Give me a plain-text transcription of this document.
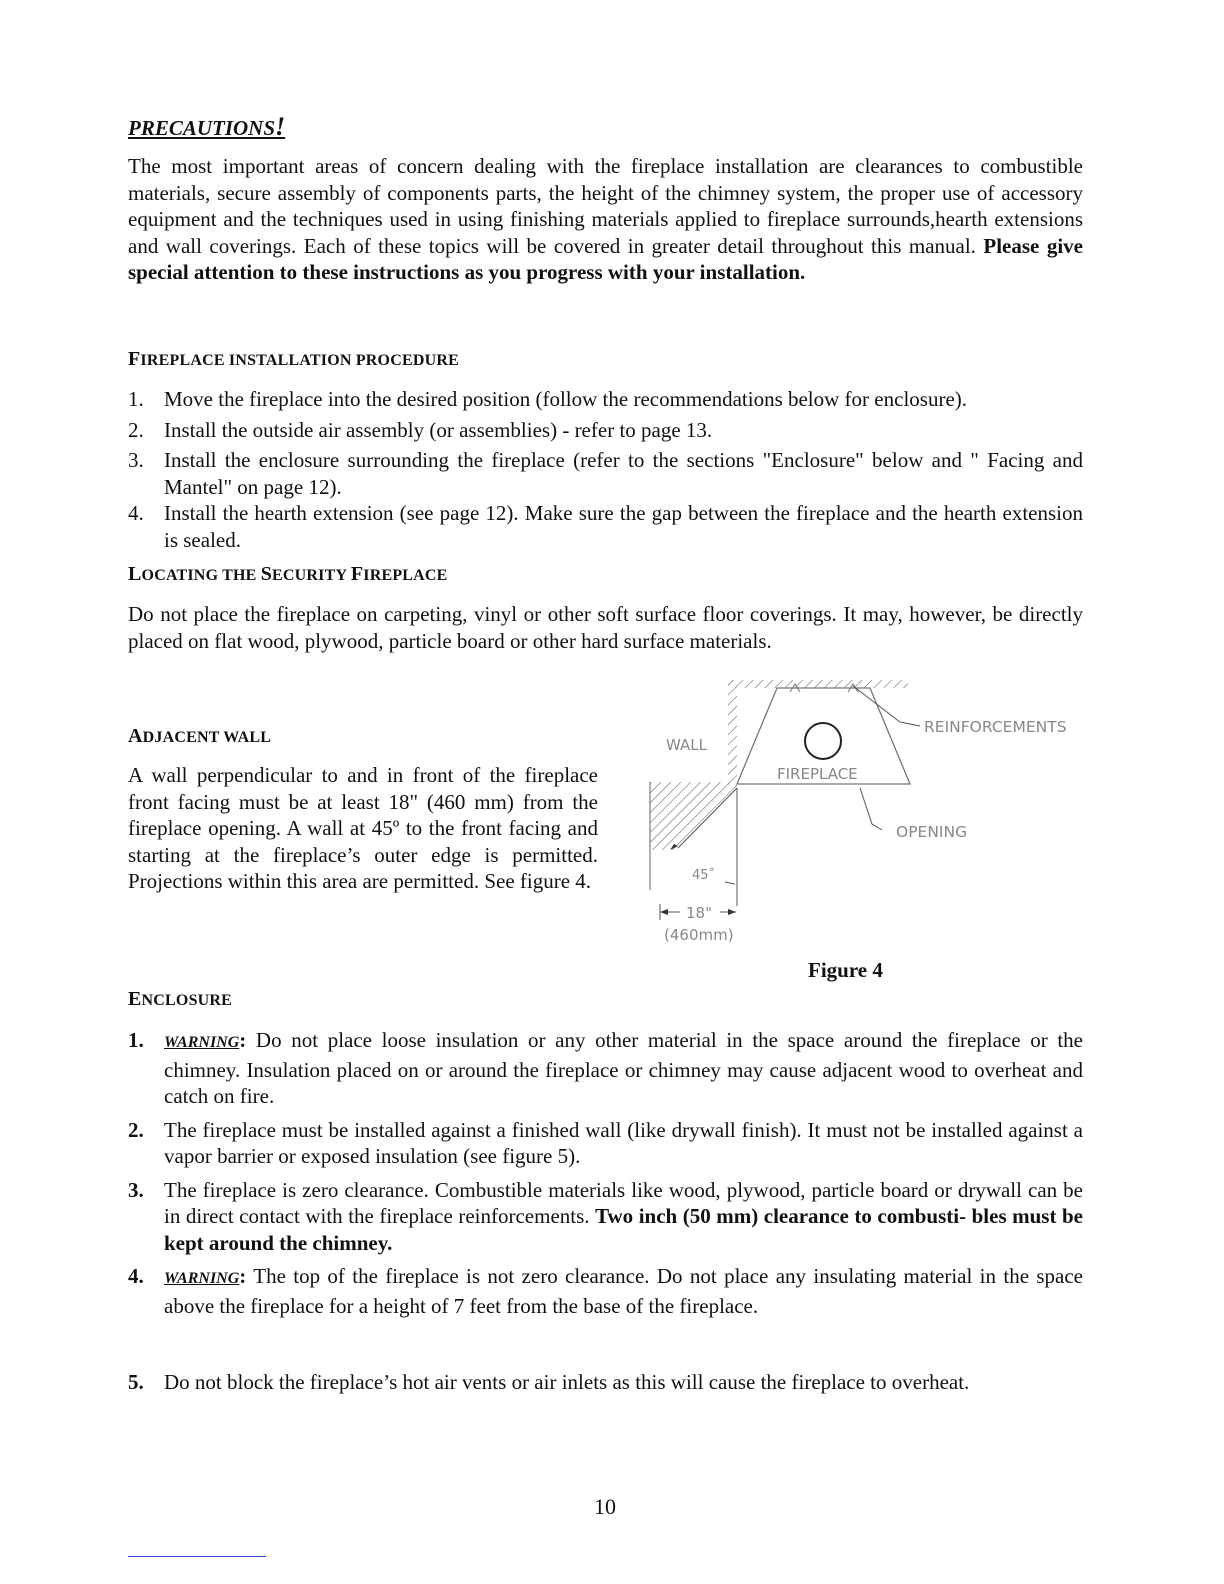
PRECAUTIONS!

The most important areas of concern dealing with the fireplace installation are clearances to combustible materials, secure assembly of components parts, the height of the chimney system, the proper use of accessory equipment and the techniques used in using finishing materials applied to fireplace surrounds,hearth extensions and wall coverings. Each of these topics will be covered in greater detail throughout this manual. Please give special attention to these instructions as you progress with your installation.

FIREPLACE INSTALLATION PROCEDURE
1. Move the fireplace into the desired position (follow the recommendations below for enclosure).
2. Install the outside air assembly (or assemblies) - refer to page 13.
3. Install the enclosure surrounding the fireplace (refer to the sections "Enclosure" below and " Facing and Mantel" on page 12).
4. Install the hearth extension (see page 12). Make sure the gap between the fireplace and the hearth extension is sealed.
LOCATING THE SECURITY FIREPLACE

Do not place the fireplace on carpeting, vinyl or other soft surface floor coverings. It may, however, be directly placed on flat wood, plywood, particle board or other hard surface materials.

ADJACENT WALL

A wall perpendicular to and in front of the fireplace front facing must be at least 18" (460 mm) from the fireplace opening. A wall at 45º to the front facing and starting at the fireplace’s outer edge is permitted. Projections within this area are permitted. See figure 4.

ENCLOSURE
1. WARNING: Do not place loose insulation or any other material in the space around the fireplace or the chimney. Insulation placed on or around the fireplace or chimney may cause adjacent wood to overheat and catch on fire.
2. The fireplace must be installed against a finished wall (like drywall finish). It must not be installed against a vapor barrier or exposed insulation (see figure 5).
3. The fireplace is zero clearance. Combustible materials like wood, plywood, particle board or drywall can be in direct contact with the fireplace reinforcements. Two inch (50 mm) clearance to combusti- bles must be kept around the chimney.
4. WARNING: The top of the fireplace is not zero clearance. Do not place any insulating material in the space above the fireplace for a height of 7 feet from the base of the fireplace.
5. Do not block the fireplace’s hot air vents or air inlets as this will cause the fireplace to overheat.
WALL
FIREPLACE
REINFORCEMENTS
OPENING
45˚
18"
(460mm)
Figure 4
10
